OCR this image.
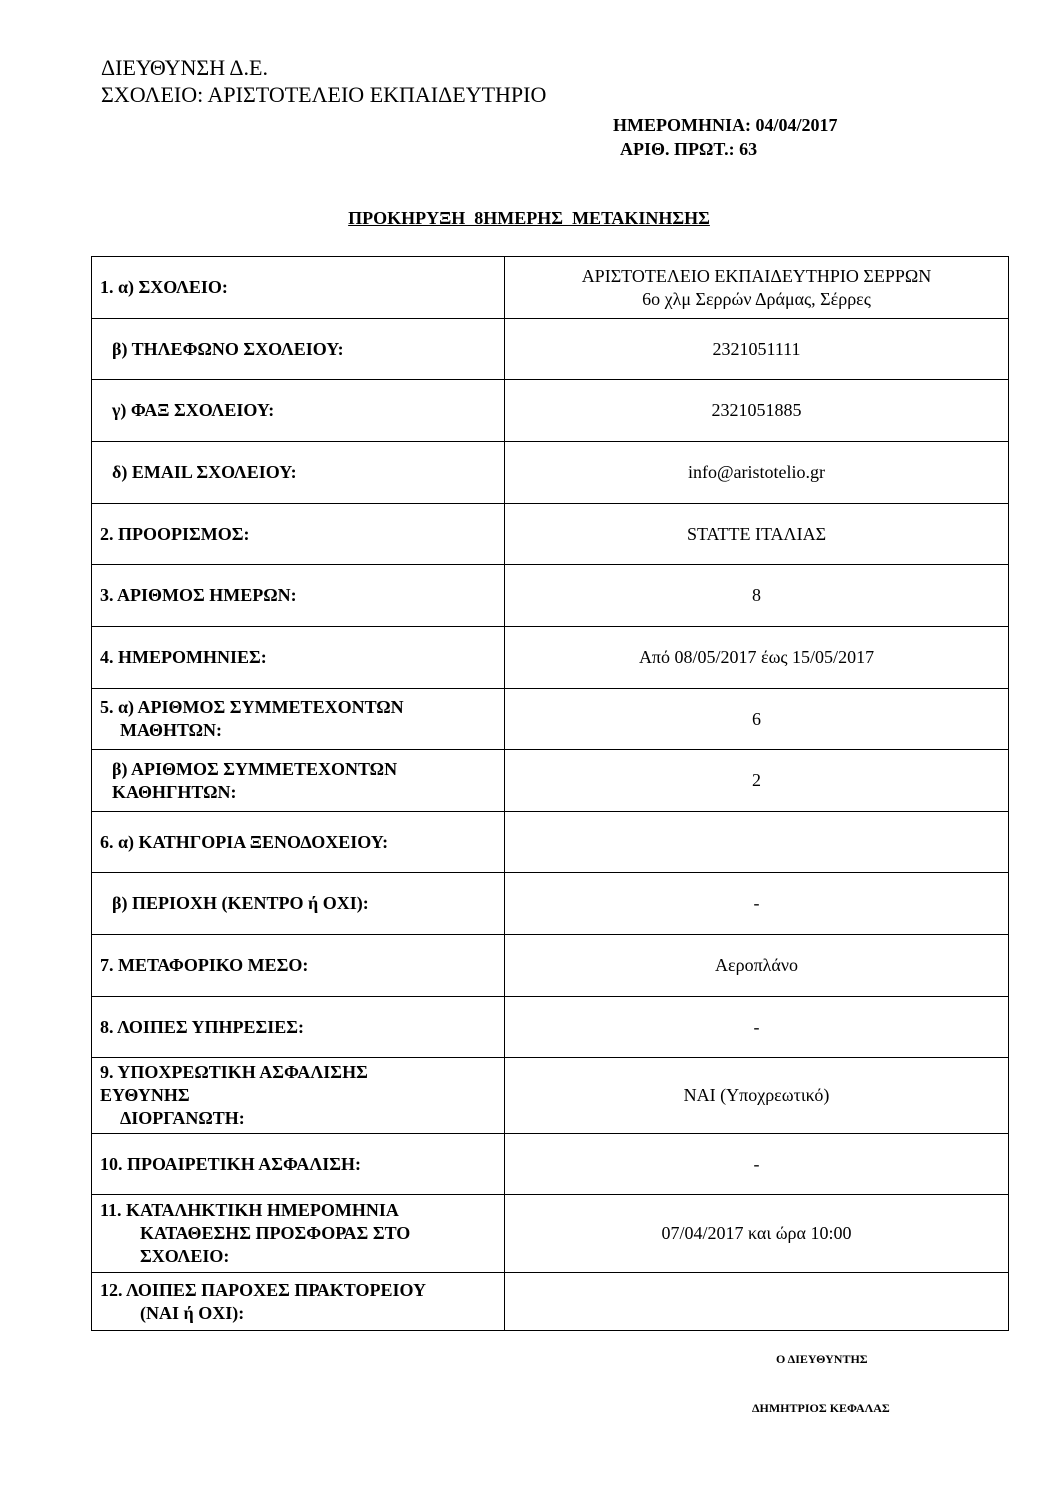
ΔΙΕΥΘΥΝΣΗ Δ.Ε.
ΣΧΟΛΕΙΟ: ΑΡΙΣΤΟΤΕΛΕΙΟ ΕΚΠΑΙΔΕΥΤΗΡΙΟ
ΗΜΕΡΟΜΗΝΙΑ: 04/04/2017
ΑΡΙΘ. ΠΡΩΤ.: 63
ΠΡΟΚΗΡΥΞΗ  8ΗΜΕΡΗΣ  ΜΕΤΑΚΙΝΗΣΗΣ
1. α) ΣΧΟΛΕΙΟ:	ΑΡΙΣΤΟΤΕΛΕΙΟ ΕΚΠΑΙΔΕΥΤΗΡΙΟ ΣΕΡΡΩΝ
6ο χλμ Σερρών Δράμας, Σέρρες

β) ΤΗΛΕΦΩΝΟ ΣΧΟΛΕΙΟΥ:	2321051111

γ) ΦΑΞ ΣΧΟΛΕΙΟΥ:	2321051885

δ) EMAIL ΣΧΟΛΕΙΟΥ:	info@aristotelio.gr

2. ΠΡΟΟΡΙΣΜΟΣ:	STATTE ΙΤΑΛΙΑΣ

3. ΑΡΙΘΜΟΣ ΗΜΕΡΩΝ:	8

4. ΗΜΕΡΟΜΗΝΙΕΣ:	Από 08/05/2017 έως 15/05/2017

5. α) ΑΡΙΘΜΟΣ ΣΥΜΜΕΤΕΧΟΝΤΩΝ
ΜΑΘΗΤΩΝ:	6

β) ΑΡΙΘΜΟΣ ΣΥΜΜΕΤΕΧΟΝΤΩΝ
ΚΑΘΗΓΗΤΩΝ:	2

6. α) ΚΑΤΗΓΟΡΙΑ ΞΕΝΟΔΟΧΕΙΟΥ:	

β) ΠΕΡΙΟΧΗ (ΚΕΝΤΡΟ ή ΟΧΙ):	-

7. ΜΕΤΑΦΟΡΙΚΟ ΜΕΣΟ:	Αεροπλάνο

8. ΛΟΙΠΕΣ ΥΠΗΡΕΣΙΕΣ:	-

9. ΥΠΟΧΡΕΩΤΙΚΗ ΑΣΦΑΛΙΣΗΣ
ΕΥΘΥΝΗΣ
ΔΙΟΡΓΑΝΩΤΗ:	ΝΑΙ (Υποχρεωτικό)

10. ΠΡΟΑΙΡΕΤΙΚΗ ΑΣΦΑΛΙΣΗ:	-

11. ΚΑΤΑΛΗΚΤΙΚΗ ΗΜΕΡΟΜΗΝΙΑ
ΚΑΤΑΘΕΣΗΣ ΠΡΟΣΦΟΡΑΣ ΣΤΟ
ΣΧΟΛΕΙΟ:	07/04/2017 και ώρα 10:00

12. ΛΟΙΠΕΣ ΠΑΡΟΧΕΣ ΠΡΑΚΤΟΡΕΙΟΥ
(ΝΑΙ ή ΟΧΙ):	

Ο ΔΙΕΥΘΥΝΤΗΣ
ΔΗΜΗΤΡΙΟΣ ΚΕΦΑΛΑΣ
